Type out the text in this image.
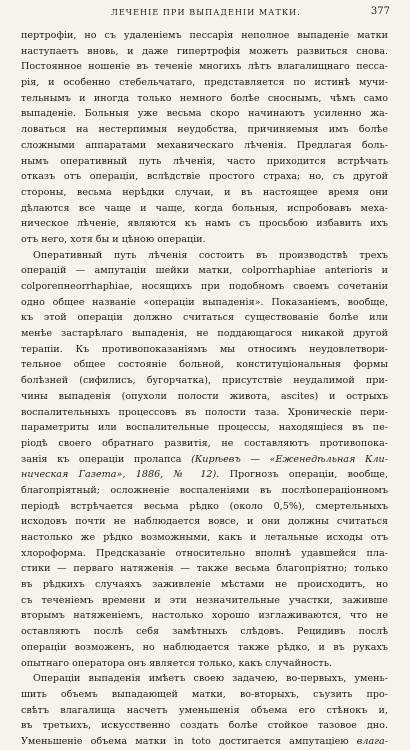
ЛЕЧЕНІЕ ПРИ ВЫПАДЕНІИ МАТКИ.	377
пертрофіи, но съ удаленіемъ пессарія неполное выпаденіе матки
наступаетъ вновь, и даже гипертрофія можетъ развиться снова.
Постоянное ношеніе въ теченіе многихъ лѣтъ влагалищнаго песса-
рія, и особенно стебельчатаго, представляется по истинѣ мучи-
тельнымъ и иногда только немного болѣе сноснымъ, чѣмъ само
выпаденіе. Больныя уже весьма скоро начинаютъ усиленно жа-
ловаться на нестерпимыя неудобства, причиняемыя имъ болѣе
сложными аппаратами механическаго лѣченія. Предлагая боль-
нымъ оперативный путь лѣченія, часто приходится встрѣчать
отказъ отъ операціи, вслѣдствіе простого страха; но, съ другой
стороны, весьма нерѣдки случаи, и въ настоящее время они
дѣлаются все чаще и чаще, когда больныя, испробовавъ меха-
ническое лѣченіе, являются къ намъ съ просьбою избавить ихъ
отъ него, хотя бы и цѣною операціи.
Оперативный путь лѣченія состоитъ въ производствѣ трехъ
операцій — ампутаціи шейки матки, colporrhaphiae anterioris и
colporeпнeorrhaphiae, носящихъ при подобномъ своемъ сочетаніи
одно общее названіе «операціи выпаденія». Показаніемъ, вообще,
къ этой операціи должно считаться существованіе болѣе или
менѣе застарѣлаго выпаденія, не поддающагося никакой другой
терапіи. Къ противопоказаніямъ мы относимъ неудовлетвори-
тельное общее состояніе больной, конституціональныя формы
болѣзней (сифилисъ, бугорчатка), присутствіе неудалимой при-
чины выпаденія (опухоли полости живота, ascites) и острыхъ
воспалительныхъ процессовъ въ полости таза. Хроническіе пери-
параметриты или воспалительные процессы, находящіеся въ пе-
ріодѣ своего обратнаго развитія, не составляютъ противопока-
занія къ операціи пролапса (Кирѣевъ — «Еженедѣльная Кли-
ническая Газета», 1886, № 12). Прогнозъ операціи, вообще,
благопріятный; осложненіе воспаленіями въ послѣоперaціонномъ
періодѣ встрѣчается весьма рѣдко (около 0,5%), смертельныхъ
исходовъ почти не наблюдается вовсе, и они должны считаться
настолько же рѣдко возможными, какъ и летальные исходы отъ
хлороформа. Предсказаніе относительно вполнѣ удавшейся пла-
стики — перваго натяженія — также весьма благопріятно; только
въ рѣдкихъ случаяхъ заживленіе мѣстами не происходитъ, но
съ теченіемъ времени и эти незначительные участки, заживше
вторымъ натяженіемъ, настолько хорошо изглаживаются, что не
оставляютъ послѣ себя замѣтныхъ слѣдовъ. Рецидивъ послѣ
операціи возможенъ, но наблюдается также рѣдко, и въ рукахъ
опытнаго оператора онъ является только, какъ случайность.
Операціи выпаденія имѣетъ своею задачею, во-первыхъ, умень-
шить объемъ выпадающей матки, во-вторыхъ, съузить про-
свѣтъ влагалища насчетъ уменьшенія объема его стѣнокъ и,
въ третьихъ, искусственно создать болѣе стойкое тазовое дно.
Уменьшеніе объема матки in toto достигается ампутаціею влага-
